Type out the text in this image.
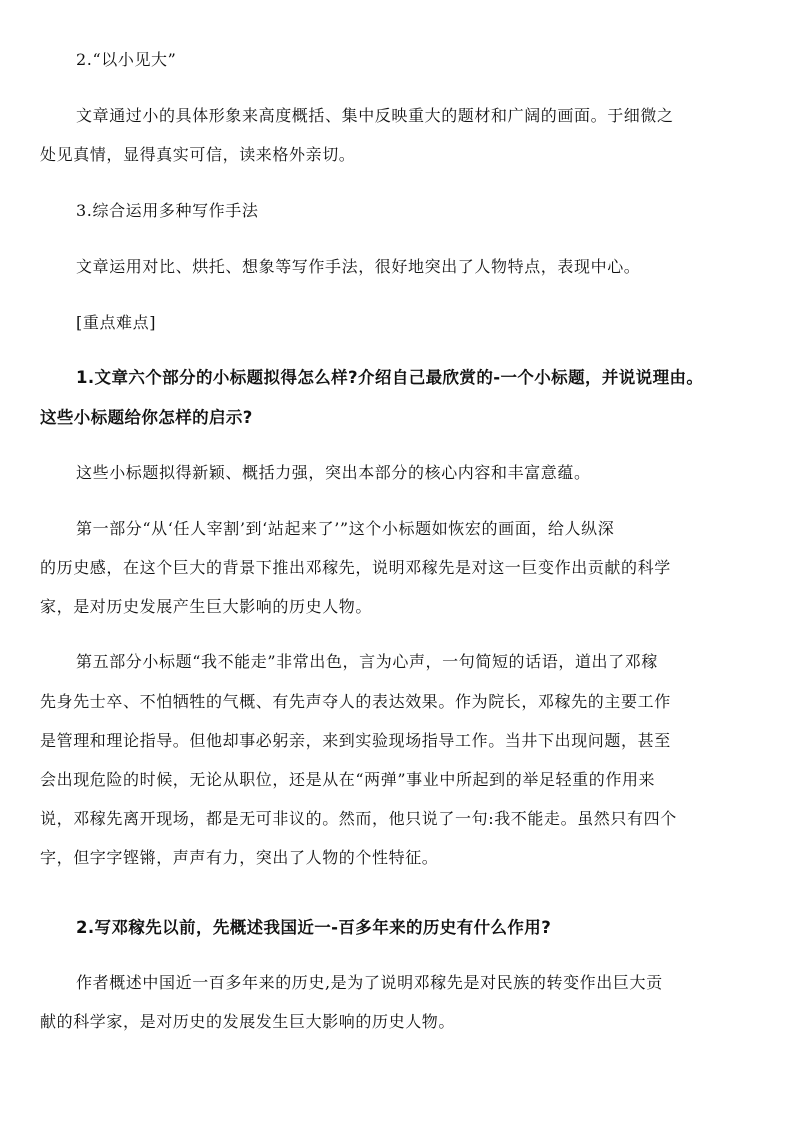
2.“以小见大”

文章通过小的具体形象来高度概括、集中反映重大的题材和广阔的画面。于细微之

处见真情，显得真实可信，读来格外亲切。

3.综合运用多种写作手法

文章运用对比、烘托、想象等写作手法，很好地突出了人物特点，表现中心。

[重点难点]

1.文章六个部分的小标题拟得怎么样?介绍自己最欣赏的-一个小标题，并说说理由。

这些小标题给你怎样的启示?

这些小标题拟得新颖、概括力强，突出本部分的核心内容和丰富意蕴。

第一部分“从‘任人宰割’到‘站起来了’”这个小标题如恢宏的画面，给人纵深

的历史感，在这个巨大的背景下推出邓稼先，说明邓稼先是对这一巨变作出贡献的科学

家，是对历史发展产生巨大影响的历史人物。

第五部分小标题“我不能走”非常出色，言为心声，一句简短的话语，道出了邓稼

先身先士卒、不怕牺牲的气概、有先声夺人的表达效果。作为院长，邓稼先的主要工作

是管理和理论指导。但他却事必躬亲，来到实验现场指导工作。当井下出现问题，甚至

会出现危险的时候，无论从职位，还是从在“两弹”事业中所起到的举足轻重的作用来

说，邓稼先离开现场，都是无可非议的。然而，他只说了一句:我不能走。虽然只有四个

字，但字字铿锵，声声有力，突出了人物的个性特征。

2.写邓稼先以前，先概述我国近一-百多年来的历史有什么作用?

作者概述中国近一百多年来的历史,是为了说明邓稼先是对民族的转变作出巨大贡

献的科学家，是对历史的发展发生巨大影响的历史人物。
